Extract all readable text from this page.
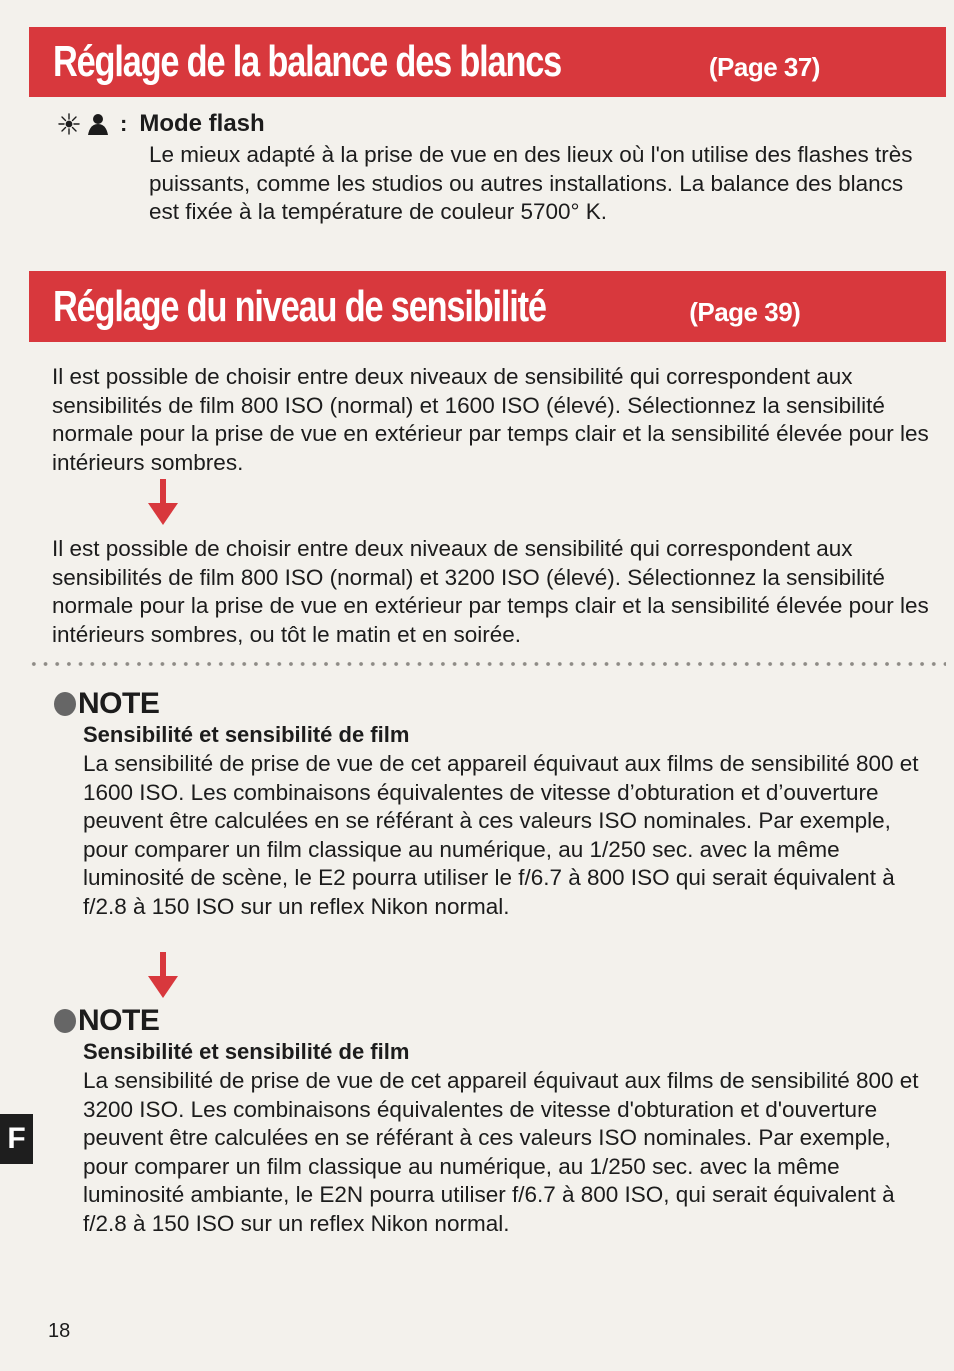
Réglage de la balance des blancs	(Page 37)
: Mode flash

Le mieux adapté à la prise de vue en des lieux où l'on utilise des flashes très puissants, comme les studios ou autres installations. La balance des blancs est fixée à la température de couleur 5700° K.

Réglage du niveau de sensibilité	(Page 39)

Il est possible de choisir entre deux niveaux de sensibilité qui correspondent aux sensibilités de film 800 ISO (normal) et 1600 ISO (élevé). Sélectionnez la sensibilité normale pour la prise de vue en extérieur par temps clair et la sensibilité élevée pour les intérieurs sombres.

Il est possible de choisir entre deux niveaux de sensibilité qui correspondent aux sensibilités de film 800 ISO (normal) et 3200 ISO (élevé). Sélectionnez la sensibilité normale pour la prise de vue en extérieur par temps clair et la sensibilité élevée pour les intérieurs sombres, ou tôt le matin et en soirée.

NOTE
Sensibilité et sensibilité de film

La sensibilité de prise de vue de cet appareil équivaut aux films de sensibilité 800 et 1600 ISO. Les combinaisons équivalentes de vitesse d’obturation et d’ouverture peuvent être calculées en se référant à ces valeurs ISO nominales. Par exemple, pour comparer un film classique au numérique, au 1/250 sec. avec la même luminosité de scène, le E2 pourra utiliser le f/6.7 à 800 ISO qui serait équivalent à f/2.8 à 150 ISO sur un reflex Nikon normal.

NOTE
Sensibilité et sensibilité de film

La sensibilité de prise de vue de cet appareil équivaut aux films de sensibilité 800 et 3200 ISO. Les combinaisons équivalentes de vitesse d'obturation et d'ouverture peuvent être calculées en se référant à ces valeurs ISO nominales. Par exemple, pour comparer un film classique au numérique, au 1/250 sec. avec la même luminosité ambiante, le E2N pourra utiliser f/6.7 à 800 ISO, qui serait équivalent à f/2.8 à 150 ISO sur un reflex Nikon normal.

F
18
